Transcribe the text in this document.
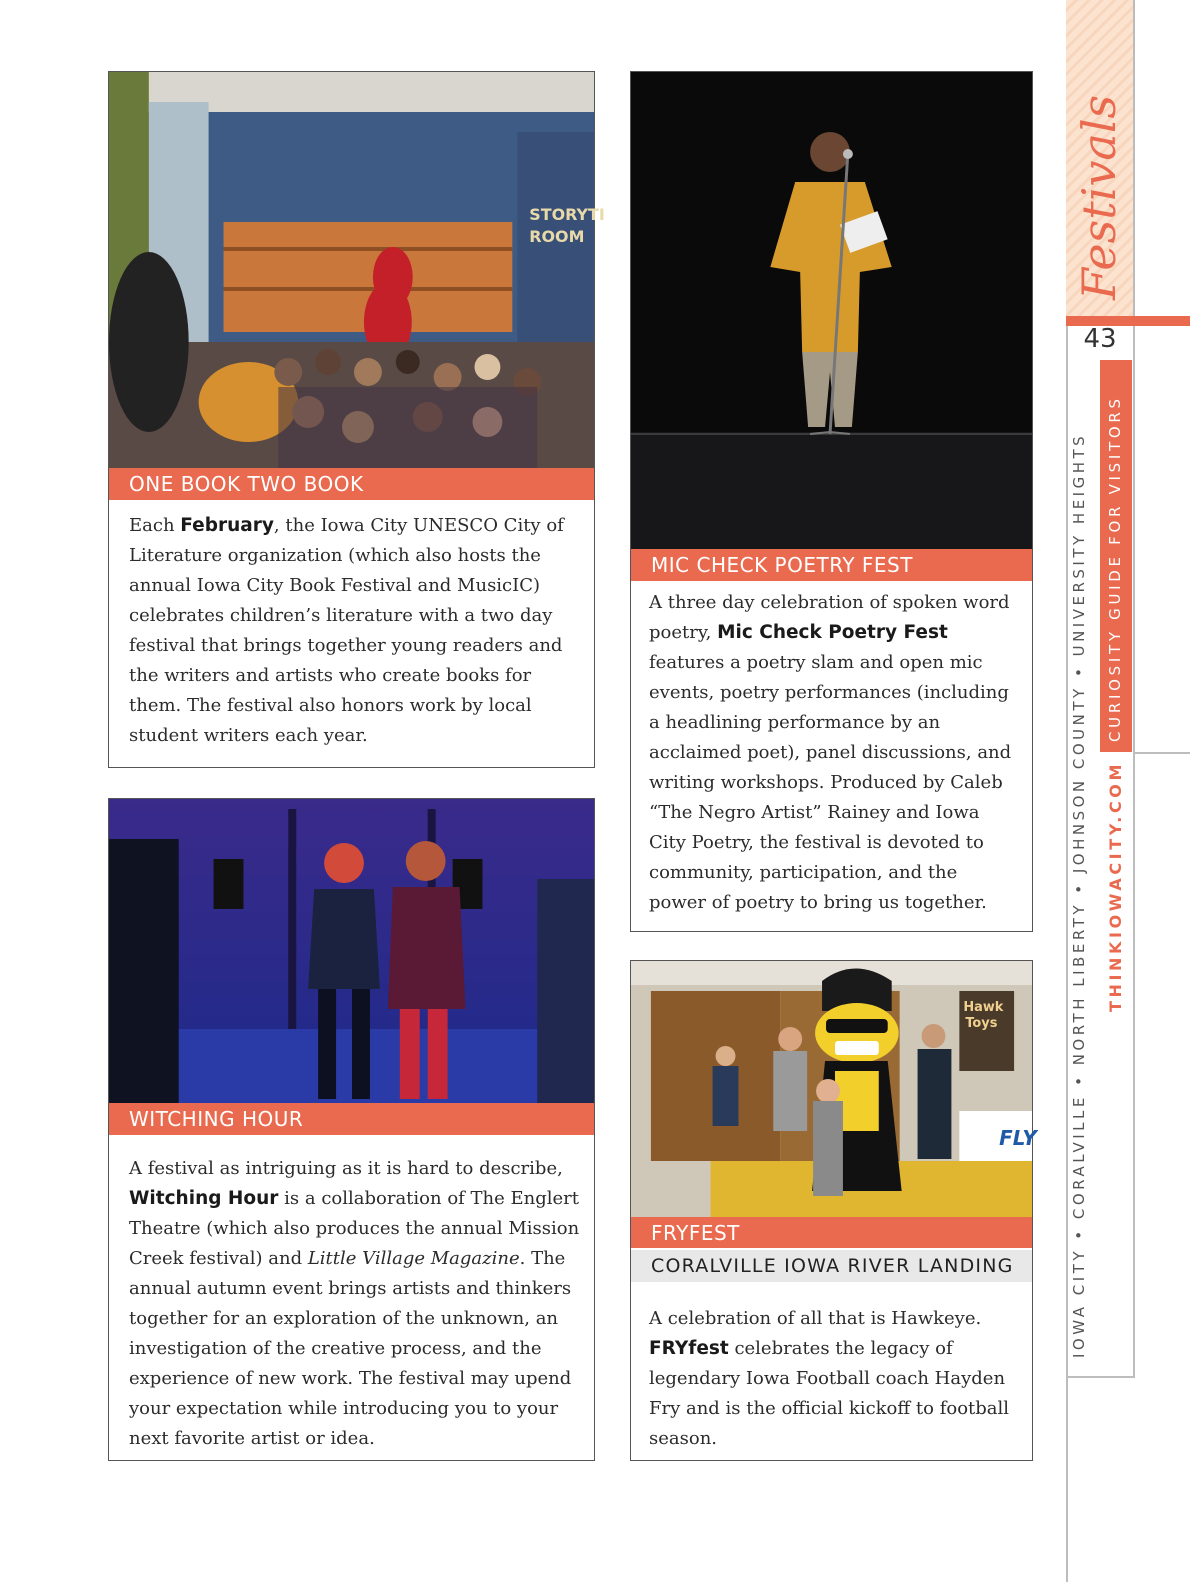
STORYTI
ROOM
ONE BOOK TWO BOOK
Each February, the Iowa City UNESCO City of Literature organization (which also hosts the annual Iowa City Book Festival and MusicIC) celebrates children’s literature with a two day festival that brings together young readers and the writers and artists who create books for them. The festival also honors work by local student writers each year.
MIC CHECK POETRY FEST
A three day celebration of spoken word poetry, Mic Check Poetry Fest features a poetry slam and open mic events, poetry performances (including a headlining performance by an acclaimed poet), panel discussions, and writing workshops. Produced by Caleb “The Negro Artist” Rainey and Iowa City Poetry, the festival is devoted to community, participation, and the power of poetry to bring us together.
WITCHING HOUR
A festival as intriguing as it is hard to describe, Witching Hour is a collaboration of The Englert Theatre (which also produces the annual Mission Creek festival) and Little Village Magazine. The annual autumn event brings artists and thinkers together for an exploration of the unknown, an investigation of the creative process, and the experience of new work. The festival may upend your expectation while introducing you to your next favorite artist or idea.
Hawk
Toys
FLY
FRYFEST
CORALVILLE IOWA RIVER LANDING
A celebration of all that is Hawkeye. FRYfest celebrates the legacy of legendary Iowa Football coach Hayden Fry and is the official kickoff to football season.
43
Festivals
CURIOSITY GUIDE FOR VISITORS
THINKIOWACITY.COM
IOWA CITY • CORALVILLE • NORTH LIBERTY • JOHNSON COUNTY • UNIVERSITY HEIGHTS
